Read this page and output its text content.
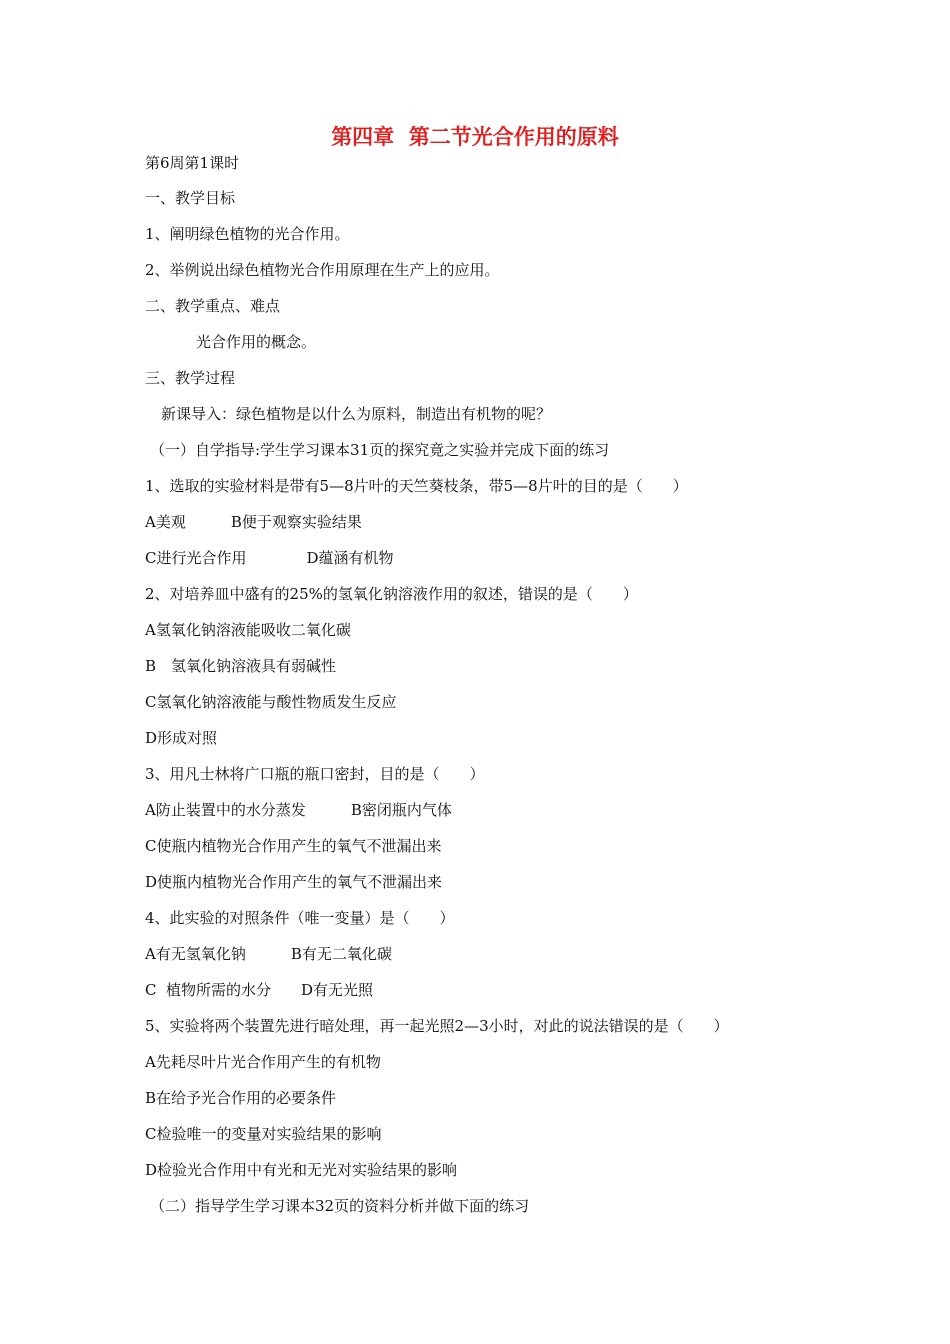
第四章  第二节光合作用的原料
第6周第1课时
一、教学目标
1、阐明绿色植物的光合作用。
2、举例说出绿色植物光合作用原理在生产上的应用。
二、教学重点、难点
光合作用的概念。
三、教学过程
新课导入：绿色植物是以什么为原料，制造出有机物的呢？
（一）自学指导:学生学习课本31页的探究竟之实验并完成下面的练习
1、选取的实验材料是带有5—8片叶的天竺葵枝条，带5—8片叶的目的是（　　）
A美观　　　B便于观察实验结果
C进行光合作用　　　　D蕴涵有机物
2、对培养皿中盛有的25%的氢氧化钠溶液作用的叙述，错误的是（　　）
A氢氧化钠溶液能吸收二氧化碳
B　氢氧化钠溶液具有弱碱性
C氢氧化钠溶液能与酸性物质发生反应
D形成对照
3、用凡士林将广口瓶的瓶口密封，目的是（　　）
A防止装置中的水分蒸发　　　B密闭瓶内气体
C使瓶内植物光合作用产生的氧气不泄漏出来
D使瓶内植物光合作用产生的氧气不泄漏出来
4、此实验的对照条件（唯一变量）是（　　）
A有无氢氧化钠　　　B有无二氧化碳
C  植物所需的水分　　D有无光照
5、实验将两个装置先进行暗处理，再一起光照2—3小时，对此的说法错误的是（　　）
A先耗尽叶片光合作用产生的有机物
B在给予光合作用的必要条件
C检验唯一的变量对实验结果的影响
D检验光合作用中有光和无光对实验结果的影响
（二）指导学生学习课本32页的资料分析并做下面的练习
